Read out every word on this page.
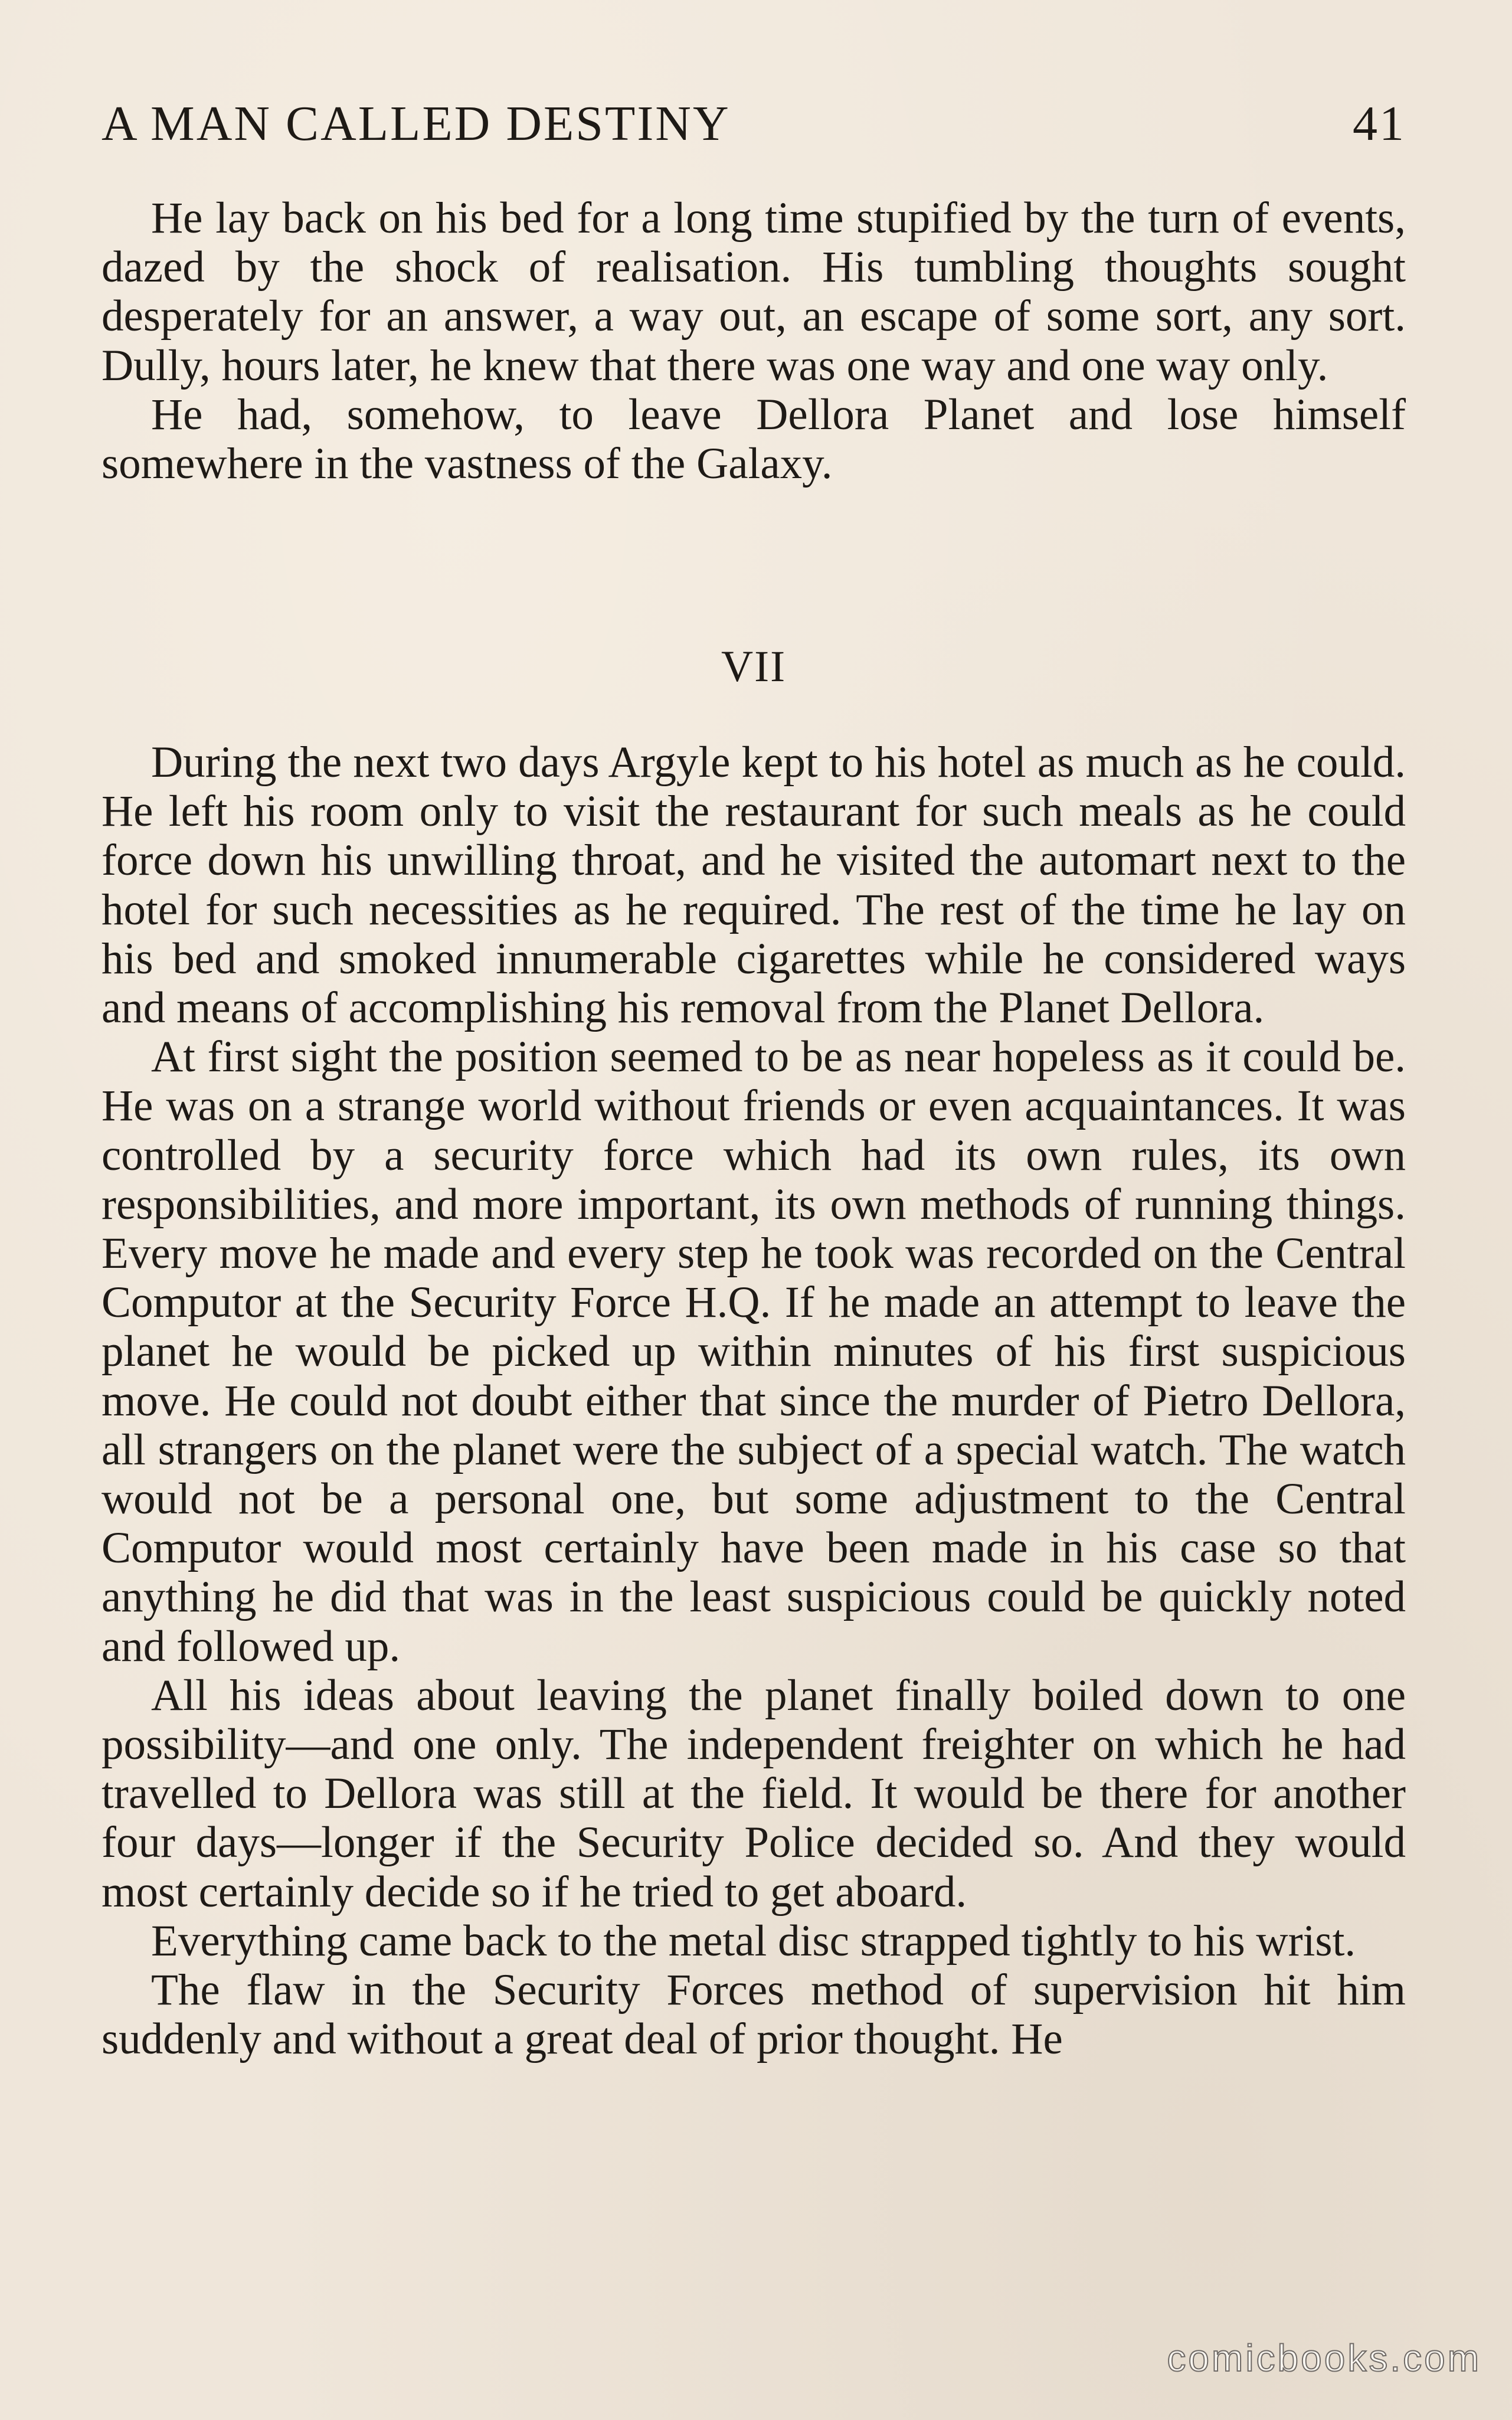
A MAN CALLED DESTINY	41

He lay back on his bed for a long time stupified by the turn of events, dazed by the shock of realisation. His tumbling thoughts sought desperately for an answer, a way out, an escape of some sort, any sort. Dully, hours later, he knew that there was one way and one way only.

He had, somehow, to leave Dellora Planet and lose himself somewhere in the vastness of the Galaxy.

VII

During the next two days Argyle kept to his hotel as much as he could. He left his room only to visit the restaurant for such meals as he could force down his unwilling throat, and he visited the automart next to the hotel for such necessities as he required. The rest of the time he lay on his bed and smoked innumerable cigarettes while he considered ways and means of accomplishing his removal from the Planet Dellora.

At first sight the position seemed to be as near hopeless as it could be. He was on a strange world without friends or even acquaintances. It was controlled by a security force which had its own rules, its own responsibilities, and more important, its own methods of running things. Every move he made and every step he took was recorded on the Central Computor at the Security Force H.Q. If he made an attempt to leave the planet he would be picked up within minutes of his first suspicious move. He could not doubt either that since the murder of Pietro Dellora, all strangers on the planet were the subject of a special watch. The watch would not be a personal one, but some adjustment to the Central Computor would most certainly have been made in his case so that anything he did that was in the least suspicious could be quickly noted and followed up.

All his ideas about leaving the planet finally boiled down to one possibility—and one only. The independent freighter on which he had travelled to Dellora was still at the field. It would be there for another four days—longer if the Security Police decided so. And they would most certainly decide so if he tried to get aboard.

Everything came back to the metal disc strapped tightly to his wrist.

The flaw in the Security Forces method of supervision hit him suddenly and without a great deal of prior thought. He

comicbooks.com
